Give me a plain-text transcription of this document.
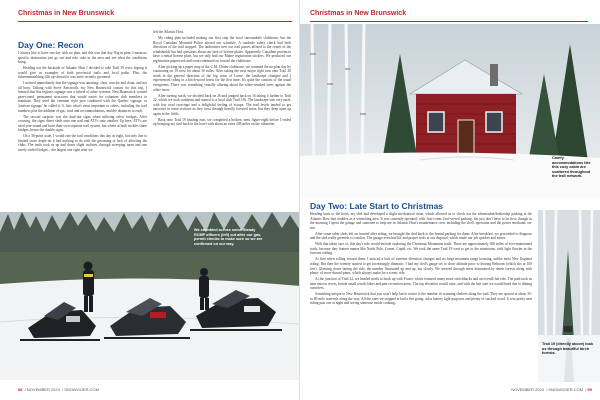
Christmas in New Brunswick
Day One: Recon

I always like to have one day with no plan, and this was that day. Rig in plan, I mean no specific destination just go out and ride, take in the area and see what the conditions bring.

Heading out the backside of Atlantic Host I decided to take Trail 19 west, hoping it would give us examples of both provincial trails and local paths. Plus, the fuhrermenealding fills up showed it was meet recently groomed.

I noticed immediately that the signage was amazing: clear, concise and clean, and not all busy. Talking with Steve Ainsworth, my New Brunswick contact for this trip, I learned that this region's signage was a hybrid of other systems: New Brunswick created gear-coned, permanent structures that would easier for volunteer club members to maintain. They used the 'remnant style post combined with the Quebec signage, or 'tourism signage' he called it. It lists what's most important to riders, including the trail numbers plus the addition of gas, food and accommodations, and the distances to each.

The second surprise was the dual-use signs when utilizing select bridges. After crossing, the signs direct sleds onto one trail and ATVs onto another. Up here, ATVs are used year-round and have their own separate trail system, but where at both trickles share bridges, hence the double signs.

On a 36-point scale, I would rate the trail conditions this day as eight, but only due to limited snow depth on it had nothing to do with the grooming or lack of affecting the clubs. The trails took us up and down slight inclines, through sweeping turns and one nicely stuffed lodges – the largest one right after we

left the Atlantic Host.

My riding plan included making our first stop the local snowmobile clubhouse, but the Royal Canadian Mounted Police altered our schedule. A roadside safety check had both directions of the trail stopped. The authorities new our trail passes affixed to the center of the windshields but had questions about our lack of license plates. Apparently, Canadian provinces have a metal license plate, but we only had our Maine registration stickers. We produced our registration paperwork and soon continued on toward the clubhouse.

After picking up a paper map of the C.M. Chaler clubhouse, we resumed the no-plan day by continuing on 19 west for about 30 miles. After taking the next major right turn onto Trail 26 north in the general direction of the big town of Lorne, the landscape changed and I experienced riding in a birch-wood forest for the first time. It's quite the contrast of the usual evergreens. There was something visually alluring about the white-trunked trees against the white snow.

After turning north, we decided back on 26 and jumped back on 16 taking it further to Trail 22, which we took southeast and started to a local club Trail 316. The landscape was very rural, with few road crossings and a delightful feeling of escape. The trail levels tended to get narrower in some sections as they twist through heavily forested areas, but they deep open up again in the fields.

Back onto Trail 19 heading east, we completed a broken, semi figure-eight before I ended up bringing my sled back to the hotel with about an extra 208 miles on the odometer.

We stumbled across some Steady RCMP officers (left) out after our gas, permit checks to make sure so we are confirmed on our way.
58  / NOVEMBER 2024  / SNOWGOER.COM
Christmas in New Brunswick
Comfy accommodations like this cozy cabin are scattered throughout the trail network.
Day Two: Late Start to Christmas

Heading back to the hotel, my sled had developed a slight mechanical issue, which allowed us to check out the aftermarket/dealership parking at the Atlantic Host that doubles as a wrenching area. It was currently operated, with first-come, first-served parking. Set just don't have to be first; though in the morning I spent the garage and someone to help me in Atlantic Host's maintenance crew including the sled's operation and the power mechanic on-site.

After some other sleds left on fronted after riding, we brought the sled back to the heated parking for them. After breakfast, we proceeded to diagnose and the sled really greenish is comfort. The garage even had lift and proper tools at our disposal, which made our job quicker and easier.

With that taken care of, this day's ride would include exploring the Christmas Mountains trails. These are approximately 300 miles of ever-maintained trails, because they feature names like North Pole, Comet, Cupid, etc. We took the same Trail 19 west to get to the mountains, with light flurries in the forecast stiding.

At first when rolling toward them, I noticed a lack of extreme elevation changes and no large mountain range looming, unlike most New England riding. But then the scenery started to get increasingly dramatic. I had my sled's gauge set to show altitude prior to leaving Belmont (which sits at 100 feet). Glancing down during the ride, the number fluctuated up and up, but slowly. We weaved through areas dominated by dense forests along with plenty of snow-dusted pines, which always make for a scenic ride.

At the junction of Trail 22, we headed north to hook up with Fraser, which featured many more switchbacks and an overall fun ride. The path took us near narrow rivers, beside small woods lakes and past recreation areas. The top elevation would raise, and with the late start we would head due to diming ourselves.

Something unique to New Brunswick that you won't help but to notice is the number of warming shelters along the trail. They are spaced at about 35- to 40-mile intervals along the way. All the ones we stopped at had a fire going, solar battery light purposes and plenty of stacked wood. It was pretty neat riding past one at night and seeing someone inside cooking.

Trail 19 (directly above) took us through beautiful birch forests.
NOVEMBER 2024  / SNOWGOER.COM  / 59
